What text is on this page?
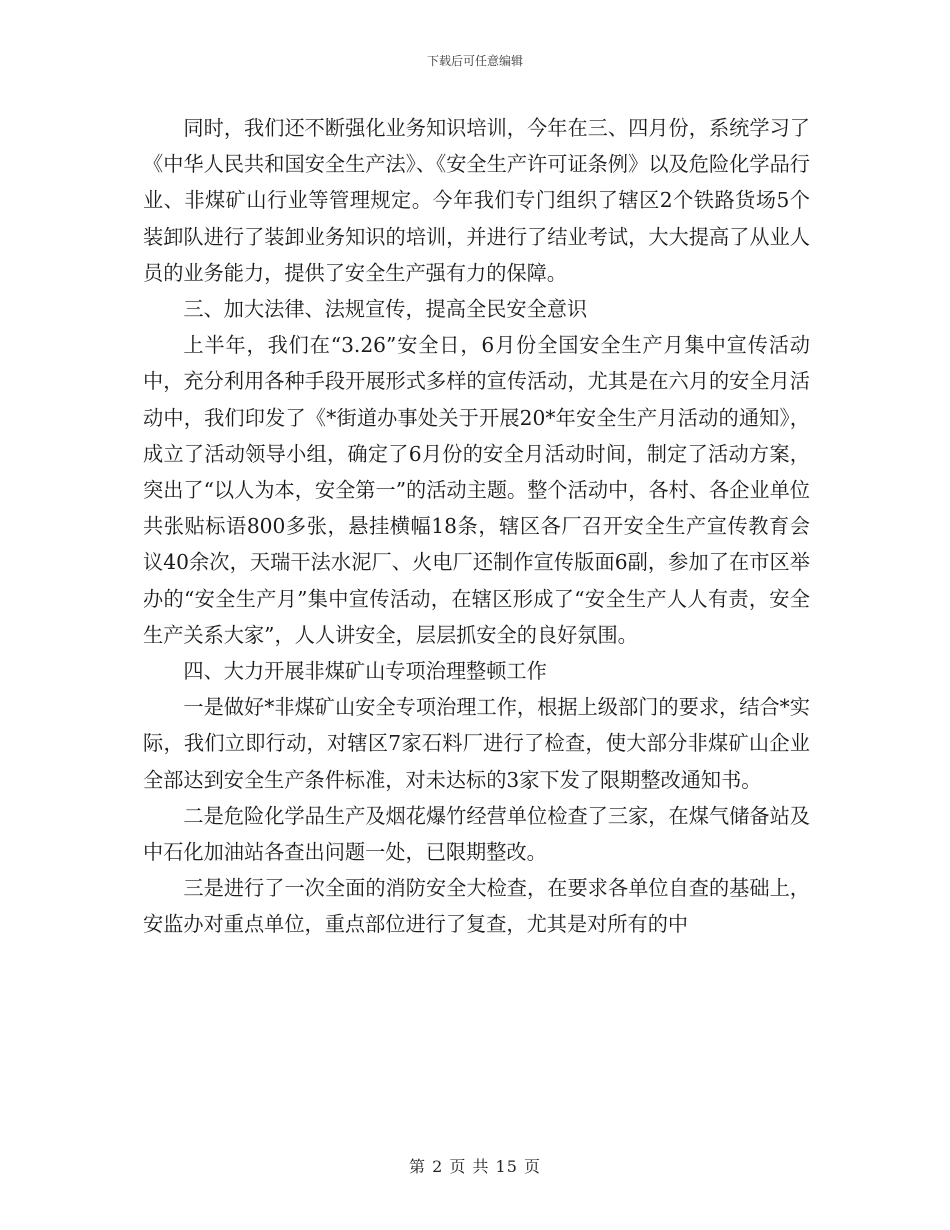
下载后可任意编辑

同时，我们还不断强化业务知识培训，今年在三、四月份，系统学习了《中华人民共和国安全生产法》、《安全生产许可证条例》以及危险化学品行业、非煤矿山行业等管理规定。今年我们专门组织了辖区2个铁路货场5个装卸队进行了装卸业务知识的培训，并进行了结业考试，大大提高了从业人员的业务能力，提供了安全生产强有力的保障。

三、加大法律、法规宣传，提高全民安全意识

上半年，我们在“3.26”安全日，6月份全国安全生产月集中宣传活动中，充分利用各种手段开展形式多样的宣传活动，尤其是在六月的安全月活动中，我们印发了《*街道办事处关于开展20*年安全生产月活动的通知》，成立了活动领导小组，确定了6月份的安全月活动时间，制定了活动方案，突出了“以人为本，安全第一”的活动主题。整个活动中，各村、各企业单位共张贴标语800多张，悬挂横幅18条，辖区各厂召开安全生产宣传教育会议40余次，天瑞干法水泥厂、火电厂还制作宣传版面6副，参加了在市区举办的“安全生产月”集中宣传活动，在辖区形成了“安全生产人人有责，安全生产关系大家”，人人讲安全，层层抓安全的良好氛围。

四、大力开展非煤矿山专项治理整顿工作

一是做好*非煤矿山安全专项治理工作，根据上级部门的要求，结合*实际，我们立即行动，对辖区7家石料厂进行了检查，使大部分非煤矿山企业全部达到安全生产条件标准，对未达标的3家下发了限期整改通知书。

二是危险化学品生产及烟花爆竹经营单位检查了三家，在煤气储备站及中石化加油站各查出问题一处，已限期整改。

三是进行了一次全面的消防安全大检查，在要求各单位自查的基础上，安监办对重点单位，重点部位进行了复查，尤其是对所有的中

第 2 页 共 15 页
